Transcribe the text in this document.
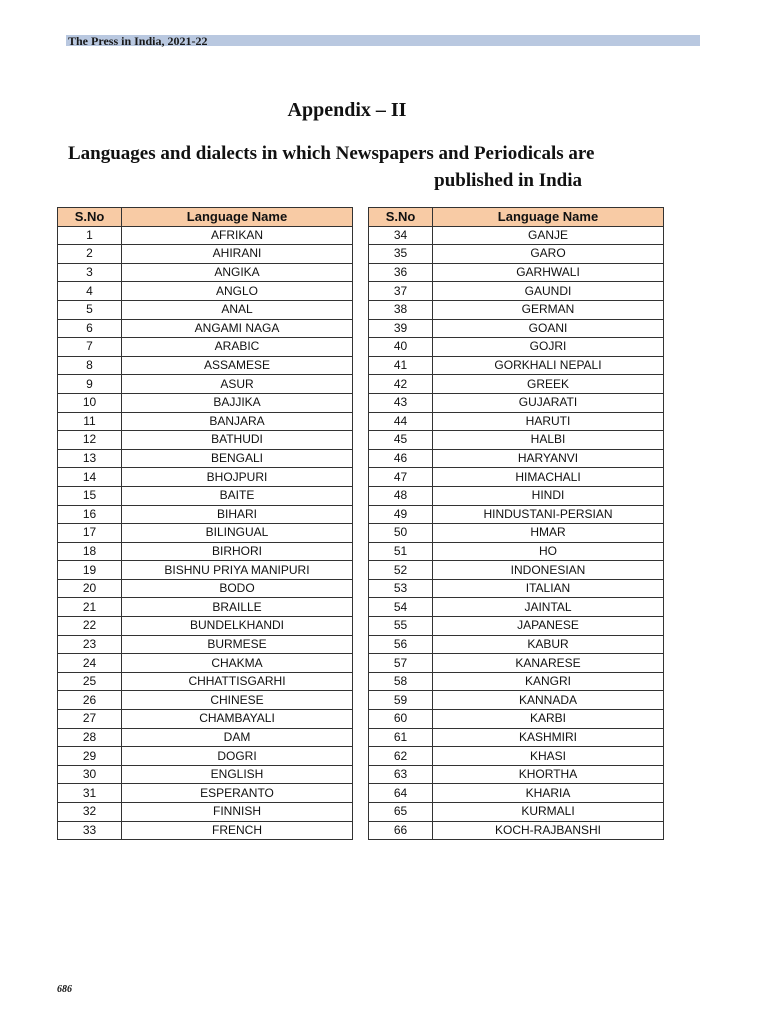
The Press in India, 2021-22
Appendix – II
Languages and dialects in which Newspapers and Periodicals are
published in India
S.No	Language Name
1	AFRIKAN
2	AHIRANI
3	ANGIKA
4	ANGLO
5	ANAL
6	ANGAMI NAGA
7	ARABIC
8	ASSAMESE
9	ASUR
10	BAJJIKA
11	BANJARA
12	BATHUDI
13	BENGALI
14	BHOJPURI
15	BAITE
16	BIHARI
17	BILINGUAL
18	BIRHORI
19	BISHNU PRIYA MANIPURI
20	BODO
21	BRAILLE
22	BUNDELKHANDI
23	BURMESE
24	CHAKMA
25	CHHATTISGARHI
26	CHINESE
27	CHAMBAYALI
28	DAM
29	DOGRI
30	ENGLISH
31	ESPERANTO
32	FINNISH
33	FRENCH
S.No	Language Name
34	GANJE
35	GARO
36	GARHWALI
37	GAUNDI
38	GERMAN
39	GOANI
40	GOJRI
41	GORKHALI NEPALI
42	GREEK
43	GUJARATI
44	HARUTI
45	HALBI
46	HARYANVI
47	HIMACHALI
48	HINDI
49	HINDUSTANI-PERSIAN
50	HMAR
51	HO
52	INDONESIAN
53	ITALIAN
54	JAINTAL
55	JAPANESE
56	KABUR
57	KANARESE
58	KANGRI
59	KANNADA
60	KARBI
61	KASHMIRI
62	KHASI
63	KHORTHA
64	KHARIA
65	KURMALI
66	KOCH-RAJBANSHI
686
